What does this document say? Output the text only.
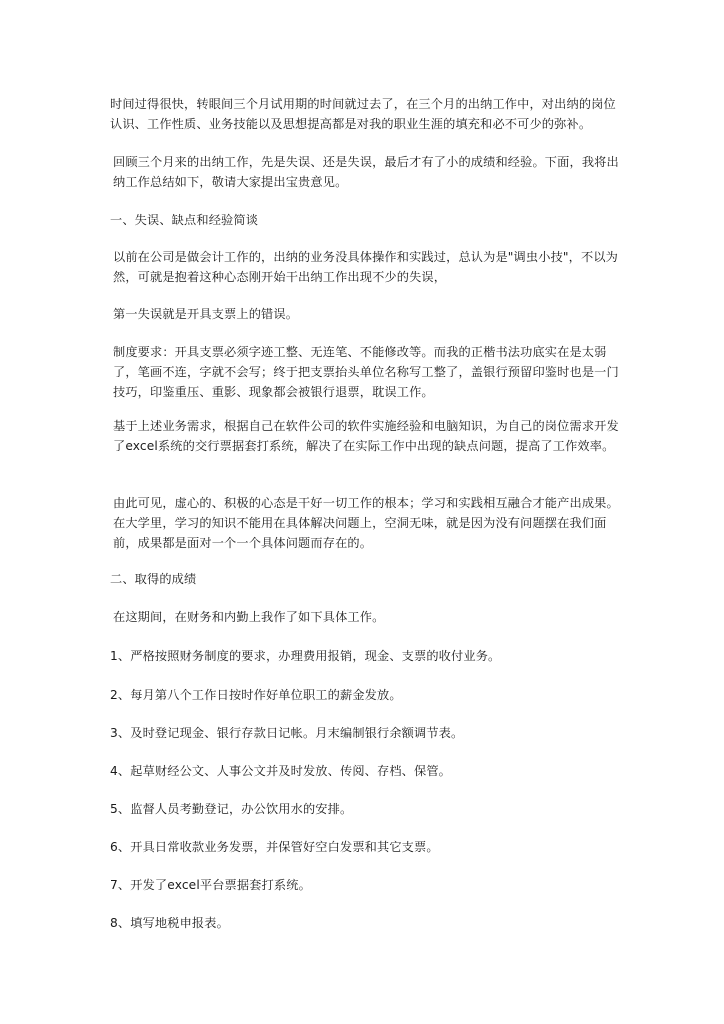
时间过得很快，转眼间三个月试用期的时间就过去了，在三个月的出纳工作中，对出纳的岗位认识、工作性质、业务技能以及思想提高都是对我的职业生涯的填充和必不可少的弥补。

回顾三个月来的出纳工作，先是失误、还是失误，最后才有了小的成绩和经验。下面，我将出纳工作总结如下，敬请大家提出宝贵意见。

一、失误、缺点和经验简谈

以前在公司是做会计工作的，出纳的业务没具体操作和实践过，总认为是"调虫小技"，不以为然，可就是抱着这种心态刚开始干出纳工作出现不少的失误，

第一失误就是开具支票上的错误。

制度要求：开具支票必须字迹工整、无连笔、不能修改等。而我的正楷书法功底实在是太弱了，笔画不连，字就不会写；终于把支票抬头单位名称写工整了，盖银行预留印鉴时也是一门技巧，印鉴重压、重影、现象都会被银行退票，耽误工作。

基于上述业务需求，根据自己在软件公司的软件实施经验和电脑知识，为自己的岗位需求开发了excel系统的交行票据套打系统，解决了在实际工作中出现的缺点问题，提高了工作效率。

由此可见，虚心的、积极的心态是干好一切工作的根本；学习和实践相互融合才能产出成果。在大学里，学习的知识不能用在具体解决问题上，空洞无味，就是因为没有问题摆在我们面前，成果都是面对一个一个具体问题而存在的。

二、取得的成绩

在这期间，在财务和内勤上我作了如下具体工作。

1、严格按照财务制度的要求，办理费用报销，现金、支票的收付业务。

2、每月第八个工作日按时作好单位职工的薪金发放。

3、及时登记现金、银行存款日记帐。月末编制银行余额调节表。

4、起草财经公文、人事公文并及时发放、传阅、存档、保管。

5、监督人员考勤登记，办公饮用水的安排。

6、开具日常收款业务发票，并保管好空白发票和其它支票。

7、开发了excel平台票据套打系统。

8、填写地税申报表。
